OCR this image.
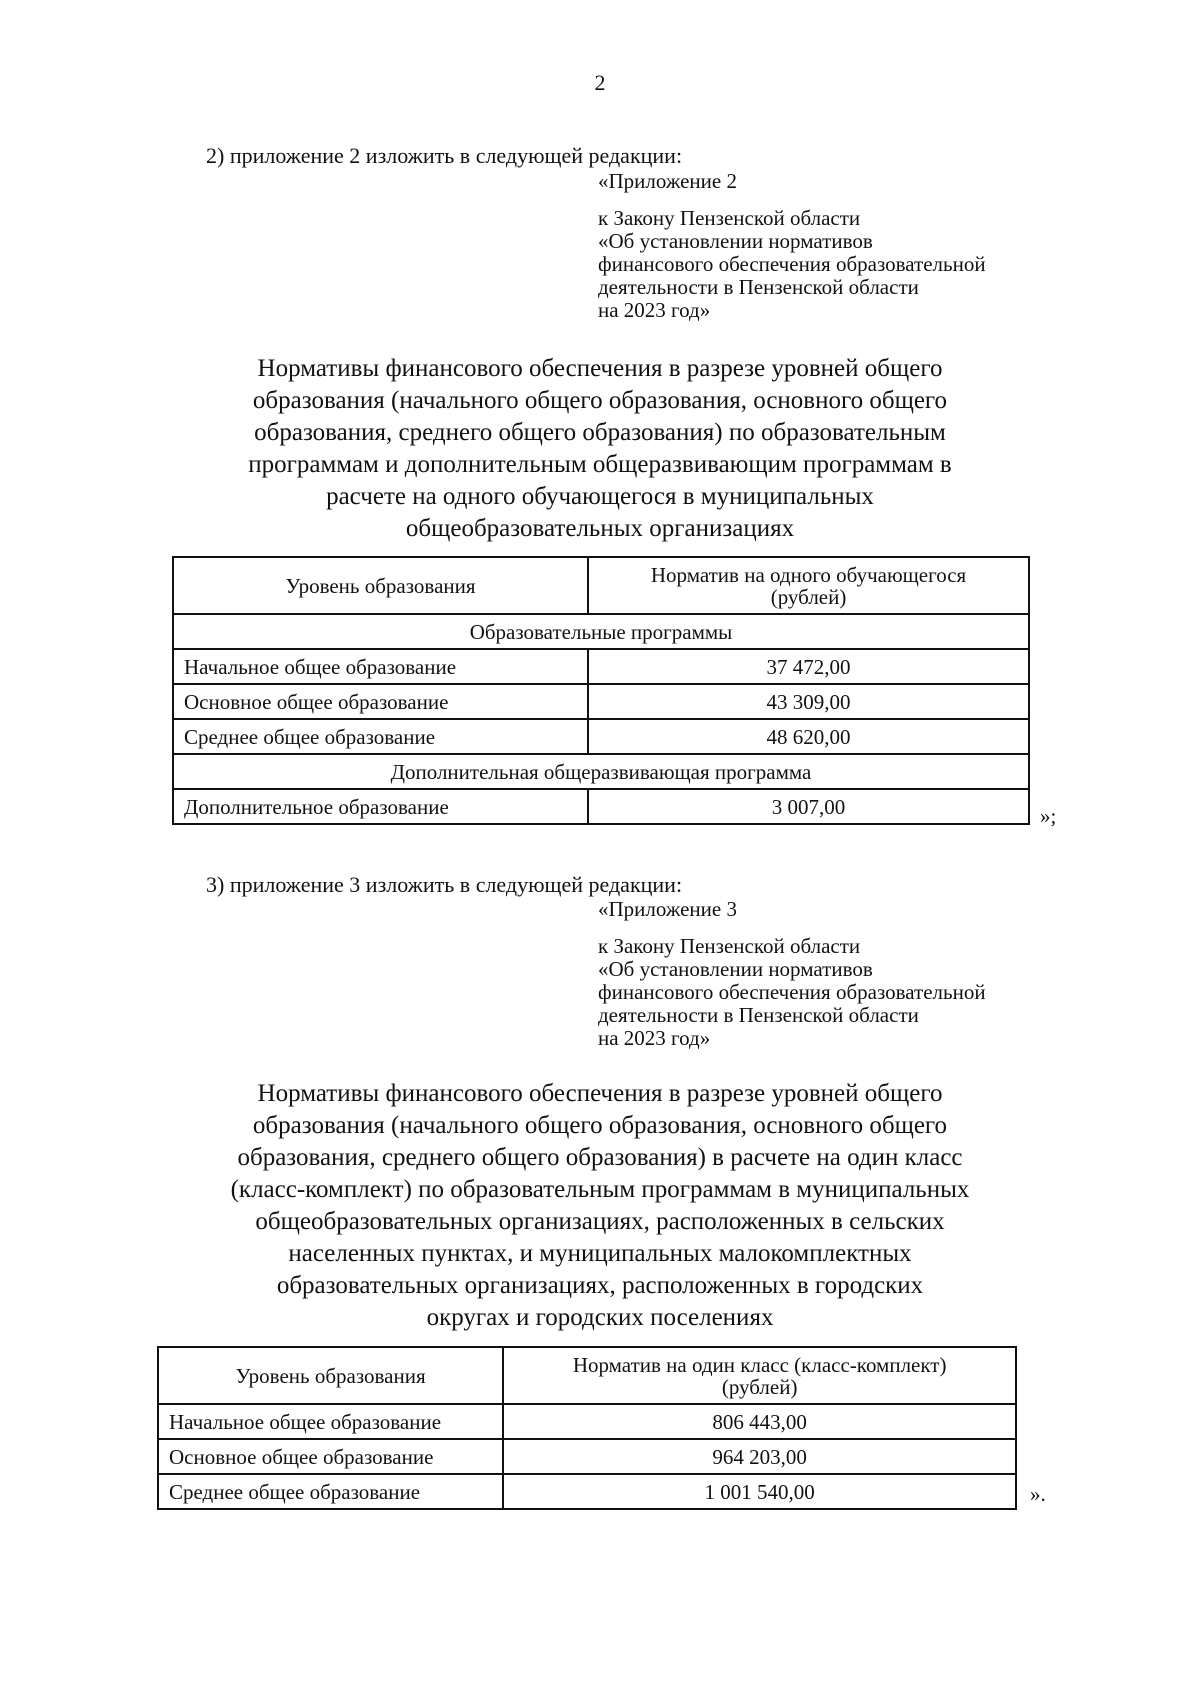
2
2) приложение 2 изложить в следующей редакции:
«Приложение 2
к Закону Пензенской области
«Об установлении нормативов
финансового обеспечения образовательной
деятельности в Пензенской области
на 2023 год»
Нормативы финансового обеспечения в разрезе уровней общего
образования (начального общего образования, основного общего
образования, среднего общего образования) по образовательным
программам и дополнительным общеразвивающим программам в
расчете на одного обучающегося в муниципальных
общеобразовательных организациях
Уровень образования	Норматив на одного обучающегося
(рублей)

Образовательные программы	
Начальное общее образование	37 472,00
Основное общее образование	43 309,00
Среднее общее образование	48 620,00
Дополнительная общеразвивающая программа	
Дополнительное образование	3 007,00	»;
3) приложение 3 изложить в следующей редакции:
«Приложение 3
к Закону Пензенской области
«Об установлении нормативов
финансового обеспечения образовательной
деятельности в Пензенской области
на 2023 год»
Нормативы финансового обеспечения в разрезе уровней общего
образования (начального общего образования, основного общего
образования, среднего общего образования) в расчете на один класс
(класс-комплект) по образовательным программам в муниципальных
общеобразовательных организациях, расположенных в сельских
населенных пунктах, и муниципальных малокомплектных
образовательных организациях, расположенных в городских
округах и городских поселениях
Уровень образования	Норматив на один класс (класс-комплект)
(рублей)

Начальное общее образование	806 443,00
Основное общее образование	964 203,00
Среднее общее образование	1 001 540,00	».
